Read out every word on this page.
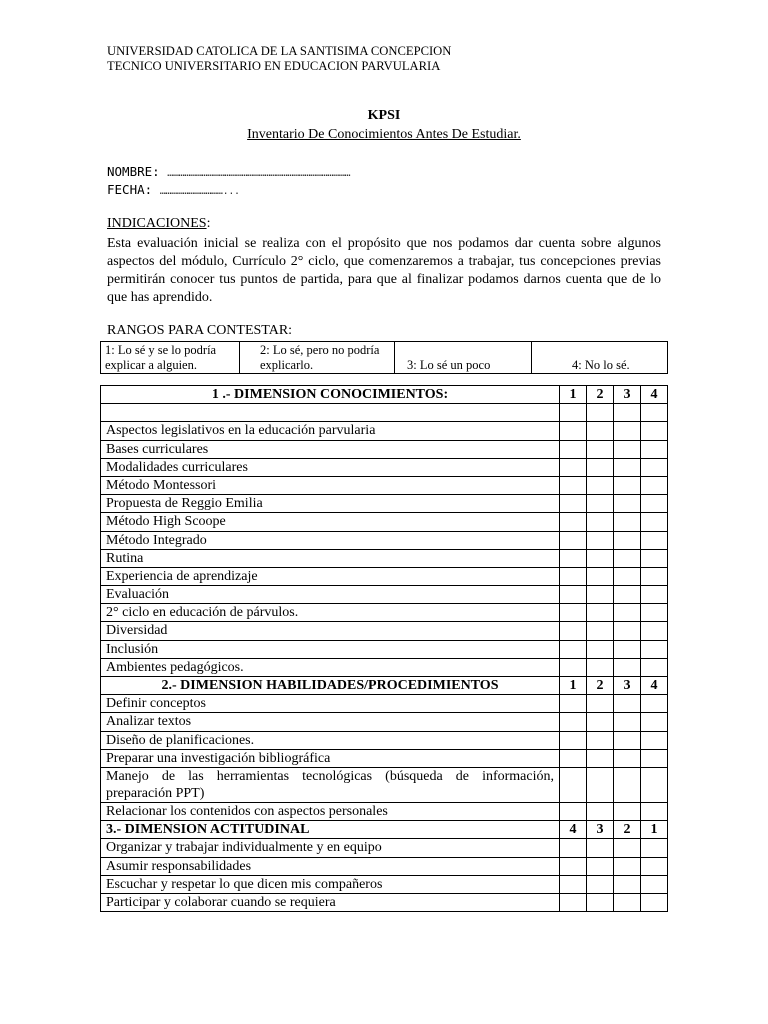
UNIVERSIDAD CATOLICA DE LA SANTISIMA CONCEPCION
TECNICO UNIVERSITARIO EN EDUCACION PARVULARIA
KPSI
Inventario De Conocimientos Antes De Estudiar.
NOMBRE: ……………………………………………………………………………………
FECHA: ……………………………...
INDICACIONES:
Esta evaluación inicial se realiza con el propósito que nos podamos dar cuenta sobre algunos aspectos del módulo, Currículo 2° ciclo, que comenzaremos a trabajar, tus concepciones previas permitirán conocer tus puntos de partida, para que al finalizar podamos darnos cuenta que de lo que has aprendido.
RANGOS PARA CONTESTAR:
1: Lo sé y se lo podría explicar a alguien.	2: Lo sé, pero no podría explicarlo.	3: Lo sé un poco	4: No lo sé.
1 .- DIMENSION CONOCIMIENTOS:	1	2	3	4

Aspectos legislativos en la educación parvularia				
Bases curriculares				
Modalidades curriculares				
Método Montessori				
Propuesta de Reggio Emilia				
Método High Scoope				
Método Integrado				
Rutina				
Experiencia de aprendizaje				
Evaluación				
2° ciclo en educación de párvulos.				
Diversidad				
Inclusión				
Ambientes pedagógicos.				
2.- DIMENSION HABILIDADES/PROCEDIMIENTOS	1	2	3	4
Definir conceptos				
Analizar textos				
Diseño de planificaciones.				
Preparar una investigación bibliográfica				
Manejo de las herramientas tecnológicas (búsqueda de información, preparación PPT)				
Relacionar los contenidos con aspectos personales				
3.- DIMENSION ACTITUDINAL	4	3	2	1
Organizar y trabajar individualmente y en equipo				
Asumir responsabilidades				
Escuchar y respetar lo que dicen mis compañeros				
Participar y colaborar cuando se requiera				
